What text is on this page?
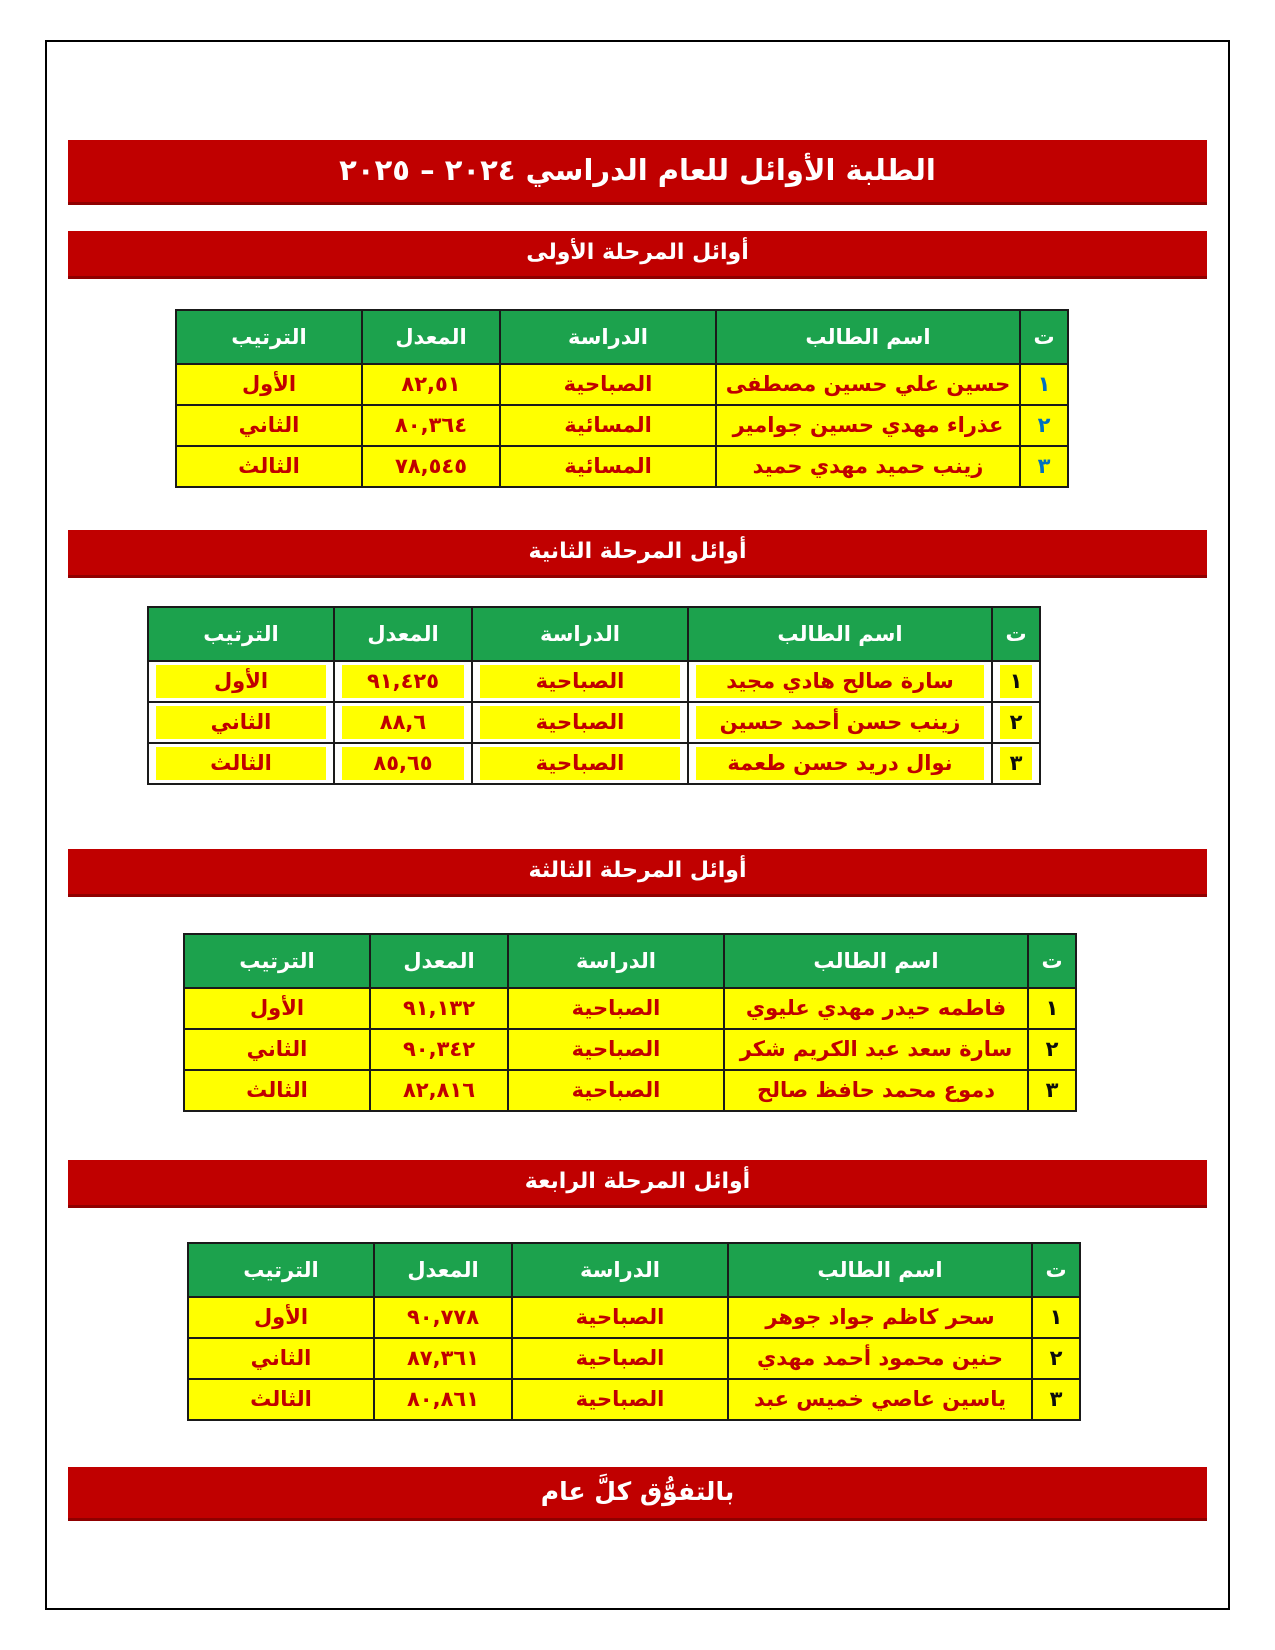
الطلبة الأوائل للعام الدراسي ٢٠٢٤ – ٢٠٢٥
أوائل المرحلة الأولى
ت	اسم الطالب	الدراسة	المعدل	الترتيب

١	حسين علي حسين مصطفى	الصباحية	٨٢,٥١	الأول

٢	عذراء مهدي حسين جوامير	المسائية	٨٠,٣٦٤	الثاني

٣	زينب حميد مهدي حميد	المسائية	٧٨,٥٤٥	الثالث
أوائل المرحلة الثانية
ت	اسم الطالب	الدراسة	المعدل	الترتيب

١	سارة صالح هادي مجيد	الصباحية	٩١,٤٢٥	الأول

٢	زينب حسن أحمد حسين	الصباحية	٨٨,٦	الثاني

٣	نوال دريد حسن طعمة	الصباحية	٨٥,٦٥	الثالث
أوائل المرحلة الثالثة
ت	اسم الطالب	الدراسة	المعدل	الترتيب

١	فاطمه حيدر مهدي عليوي	الصباحية	٩١,١٣٢	الأول

٢	سارة سعد عبد الكريم شكر	الصباحية	٩٠,٣٤٢	الثاني

٣	دموع محمد حافظ صالح	الصباحية	٨٢,٨١٦	الثالث
أوائل المرحلة الرابعة
ت	اسم الطالب	الدراسة	المعدل	الترتيب

١	سحر كاظم جواد جوهر	الصباحية	٩٠,٧٧٨	الأول

٢	حنين محمود أحمد مهدي	الصباحية	٨٧,٣٦١	الثاني

٣	ياسين عاصي خميس عبد	الصباحية	٨٠,٨٦١	الثالث
بالتفوُّق كلَّ عام
